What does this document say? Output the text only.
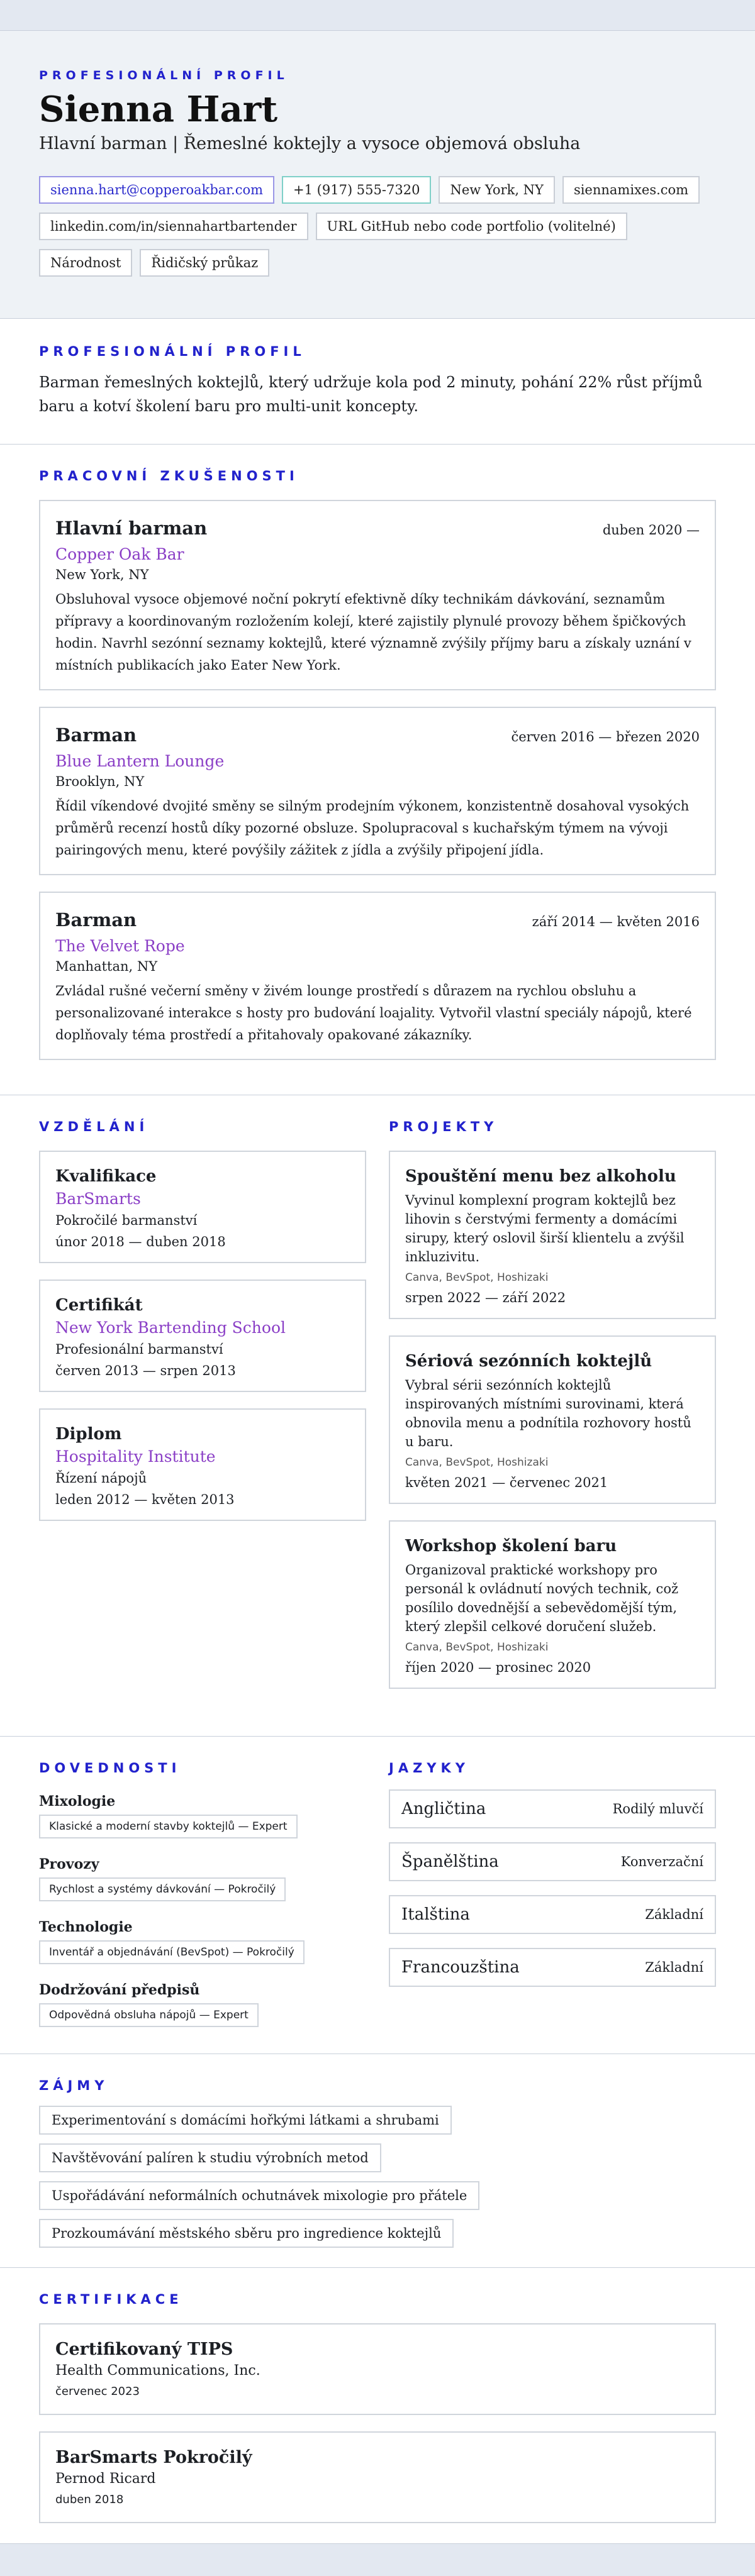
PROFESIONÁLNÍ PROFIL
Sienna Hart
Hlavní barman | Řemeslné koktejly a vysoce objemová obsluha
sienna.hart@copperoakbar.com	+1 (917) 555-7320	New York, NY	siennamixes.com
linkedin.com/in/siennahartbartender	URL GitHub nebo code portfolio (volitelné)
Národnost	Řidičský průkaz
PROFESIONÁLNÍ PROFIL

Barman řemeslných koktejlů, který udržuje kola pod 2 minuty, pohání 22% růst příjmů baru a kotví školení baru pro multi-unit koncepty.

PRACOVNÍ ZKUŠENOSTI
Hlavní barman	duben 2020 —
Copper Oak Bar
New York, NY
Obsluhoval vysoce objemové noční pokrytí efektivně díky technikám dávkování, seznamům přípravy a koordinovaným rozložením kolejí, které zajistily plynulé provozy během špičkových hodin. Navrhl sezónní seznamy koktejlů, které významně zvýšily příjmy baru a získaly uznání v místních publikacích jako Eater New York.
Barman	červen 2016 — březen 2020
Blue Lantern Lounge
Brooklyn, NY
Řídil víkendové dvojité směny se silným prodejním výkonem, konzistentně dosahoval vysokých průměrů recenzí hostů díky pozorné obsluze. Spolupracoval s kuchařským týmem na vývoji pairingových menu, které povýšily zážitek z jídla a zvýšily připojení jídla.
Barman	září 2014 — květen 2016
The Velvet Rope
Manhattan, NY
Zvládal rušné večerní směny v živém lounge prostředí s důrazem na rychlou obsluhu a personalizované interakce s hosty pro budování loajality. Vytvořil vlastní speciály nápojů, které doplňovaly téma prostředí a přitahovaly opakované zákazníky.
VZDĚLÁNÍ
Kvalifikace
BarSmarts
Pokročilé barmanství
únor 2018 — duben 2018
Certifikát
New York Bartending School
Profesionální barmanství
červen 2013 — srpen 2013
Diplom
Hospitality Institute
Řízení nápojů
leden 2012 — květen 2013
PROJEKTY
Spouštění menu bez alkoholu
Vyvinul komplexní program koktejlů bez lihovin s čerstvými fermenty a domácími sirupy, který oslovil širší klientelu a zvýšil inkluzivitu.
Canva, BevSpot, Hoshizaki
srpen 2022 — září 2022
Sériová sezónních koktejlů
Vybral sérii sezónních koktejlů inspirovaných místními surovinami, která obnovila menu a podnítila rozhovory hostů u baru.
Canva, BevSpot, Hoshizaki
květen 2021 — červenec 2021
Workshop školení baru
Organizoval praktické workshopy pro personál k ovládnutí nových technik, což posílilo dovednější a sebevědomější tým, který zlepšil celkové doručení služeb.
Canva, BevSpot, Hoshizaki
říjen 2020 — prosinec 2020
DOVEDNOSTI
Mixologie
Klasické a moderní stavby koktejlů — Expert
Provozy
Rychlost a systémy dávkování — Pokročilý
Technologie
Inventář a objednávání (BevSpot) — Pokročilý
Dodržování předpisů
Odpovědná obsluha nápojů — Expert
JAZYKY
Angličtina	Rodilý mluvčí
Španělština	Konverzační
Italština	Základní
Francouzština	Základní
ZÁJMY
Experimentování s domácími hořkými látkami a shrubami
Navštěvování palíren k studiu výrobních metod
Uspořádávání neformálních ochutnávek mixologie pro přátele
Prozkoumávání městského sběru pro ingredience koktejlů
CERTIFIKACE
Certifikovaný TIPS
Health Communications, Inc.
červenec 2023
BarSmarts Pokročilý
Pernod Ricard
duben 2018
